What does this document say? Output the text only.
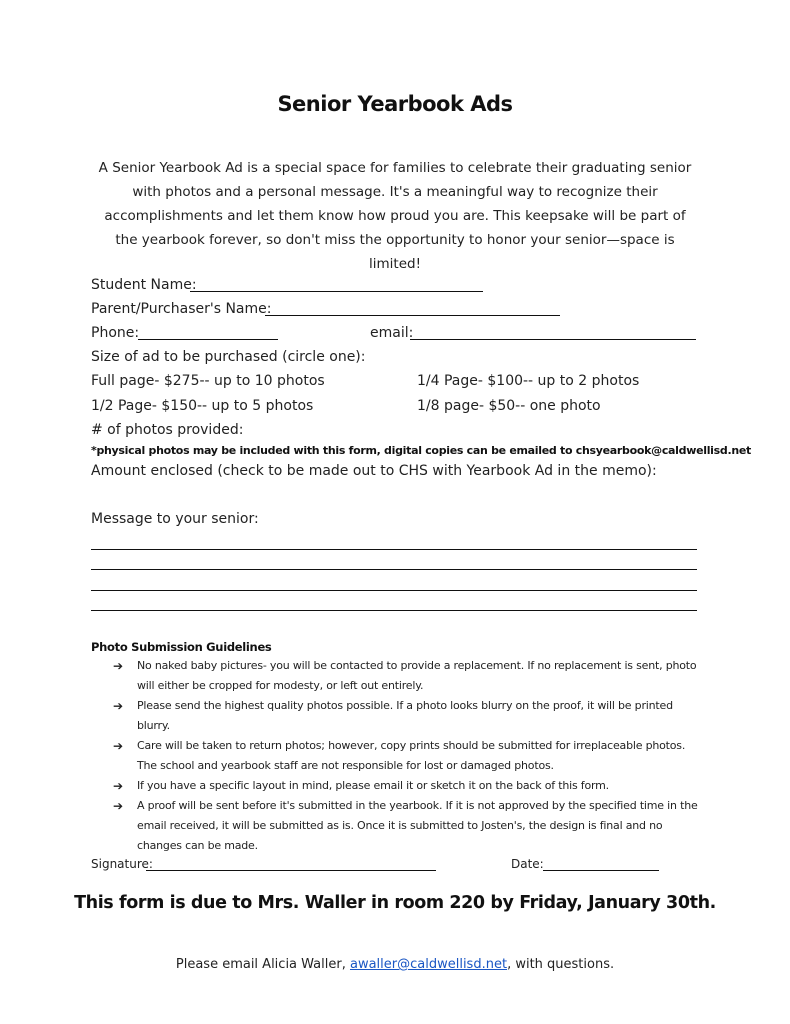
Senior Yearbook Ads
A Senior Yearbook Ad is a special space for families to celebrate their graduating senior with photos and a personal message. It's a meaningful way to recognize their accomplishments and let them know how proud you are. This keepsake will be part of the yearbook forever, so don't miss the opportunity to honor your senior—space is limited!
Student Name:
Parent/Purchaser's Name:
Phone:	email:
Size of ad to be purchased (circle one):
Full page- $275-- up to 10 photos	1/4 Page- $100-- up to 2 photos
1/2 Page- $150-- up to 5 photos	1/8 page- $50-- one photo
# of photos provided:
*physical photos may be included with this form, digital copies can be emailed to chsyearbook@caldwellisd.net
Amount enclosed (check to be made out to CHS with Yearbook Ad in the memo):
Message to your senior:
Photo Submission Guidelines
➔ No naked baby pictures- you will be contacted to provide a replacement. If no replacement is sent, photo will either be cropped for modesty, or left out entirely.
➔ Please send the highest quality photos possible. If a photo looks blurry on the proof, it will be printed blurry.
➔ Care will be taken to return photos; however, copy prints should be submitted for irreplaceable photos. The school and yearbook staff are not responsible for lost or damaged photos.
➔ If you have a specific layout in mind, please email it or sketch it on the back of this form.
➔ A proof will be sent before it's submitted in the yearbook. If it is not approved by the specified time in the email received, it will be submitted as is. Once it is submitted to Josten's, the design is final and no changes can be made.
Signature:	Date:
This form is due to Mrs. Waller in room 220 by Friday, January 30th.
Please email Alicia Waller, awaller@caldwellisd.net, with questions.
